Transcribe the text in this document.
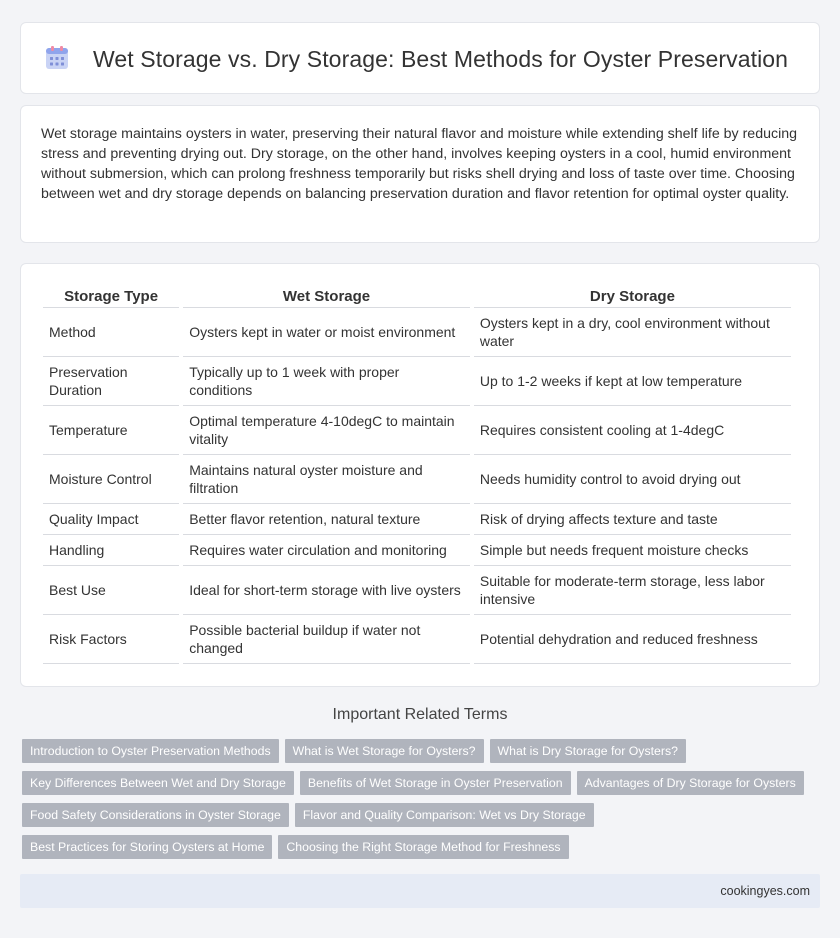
Wet Storage vs. Dry Storage: Best Methods for Oyster Preservation

Wet storage maintains oysters in water, preserving their natural flavor and moisture while extending shelf life by reducing stress and preventing drying out. Dry storage, on the other hand, involves keeping oysters in a cool, humid environment without submersion, which can prolong freshness temporarily but risks shell drying and loss of taste over time. Choosing between wet and dry storage depends on balancing preservation duration and flavor retention for optimal oyster quality.

Storage Type	Wet Storage	Dry Storage
Method	Oysters kept in water or moist environment	Oysters kept in a dry, cool environment without water
Preservation Duration	Typically up to 1 week with proper conditions	Up to 1-2 weeks if kept at low temperature
Temperature	Optimal temperature 4-10degC to maintain vitality	Requires consistent cooling at 1-4degC
Moisture Control	Maintains natural oyster moisture and filtration	Needs humidity control to avoid drying out
Quality Impact	Better flavor retention, natural texture	Risk of drying affects texture and taste
Handling	Requires water circulation and monitoring	Simple but needs frequent moisture checks
Best Use	Ideal for short-term storage with live oysters	Suitable for moderate-term storage, less labor intensive
Risk Factors	Possible bacterial buildup if water not changed	Potential dehydration and reduced freshness
Important Related Terms
Introduction to Oyster Preservation Methods	What is Wet Storage for Oysters?	What is Dry Storage for Oysters?
Key Differences Between Wet and Dry Storage	Benefits of Wet Storage in Oyster Preservation	Advantages of Dry Storage for Oysters
Food Safety Considerations in Oyster Storage	Flavor and Quality Comparison: Wet vs Dry Storage
Best Practices for Storing Oysters at Home	Choosing the Right Storage Method for Freshness
cookingyes.com
